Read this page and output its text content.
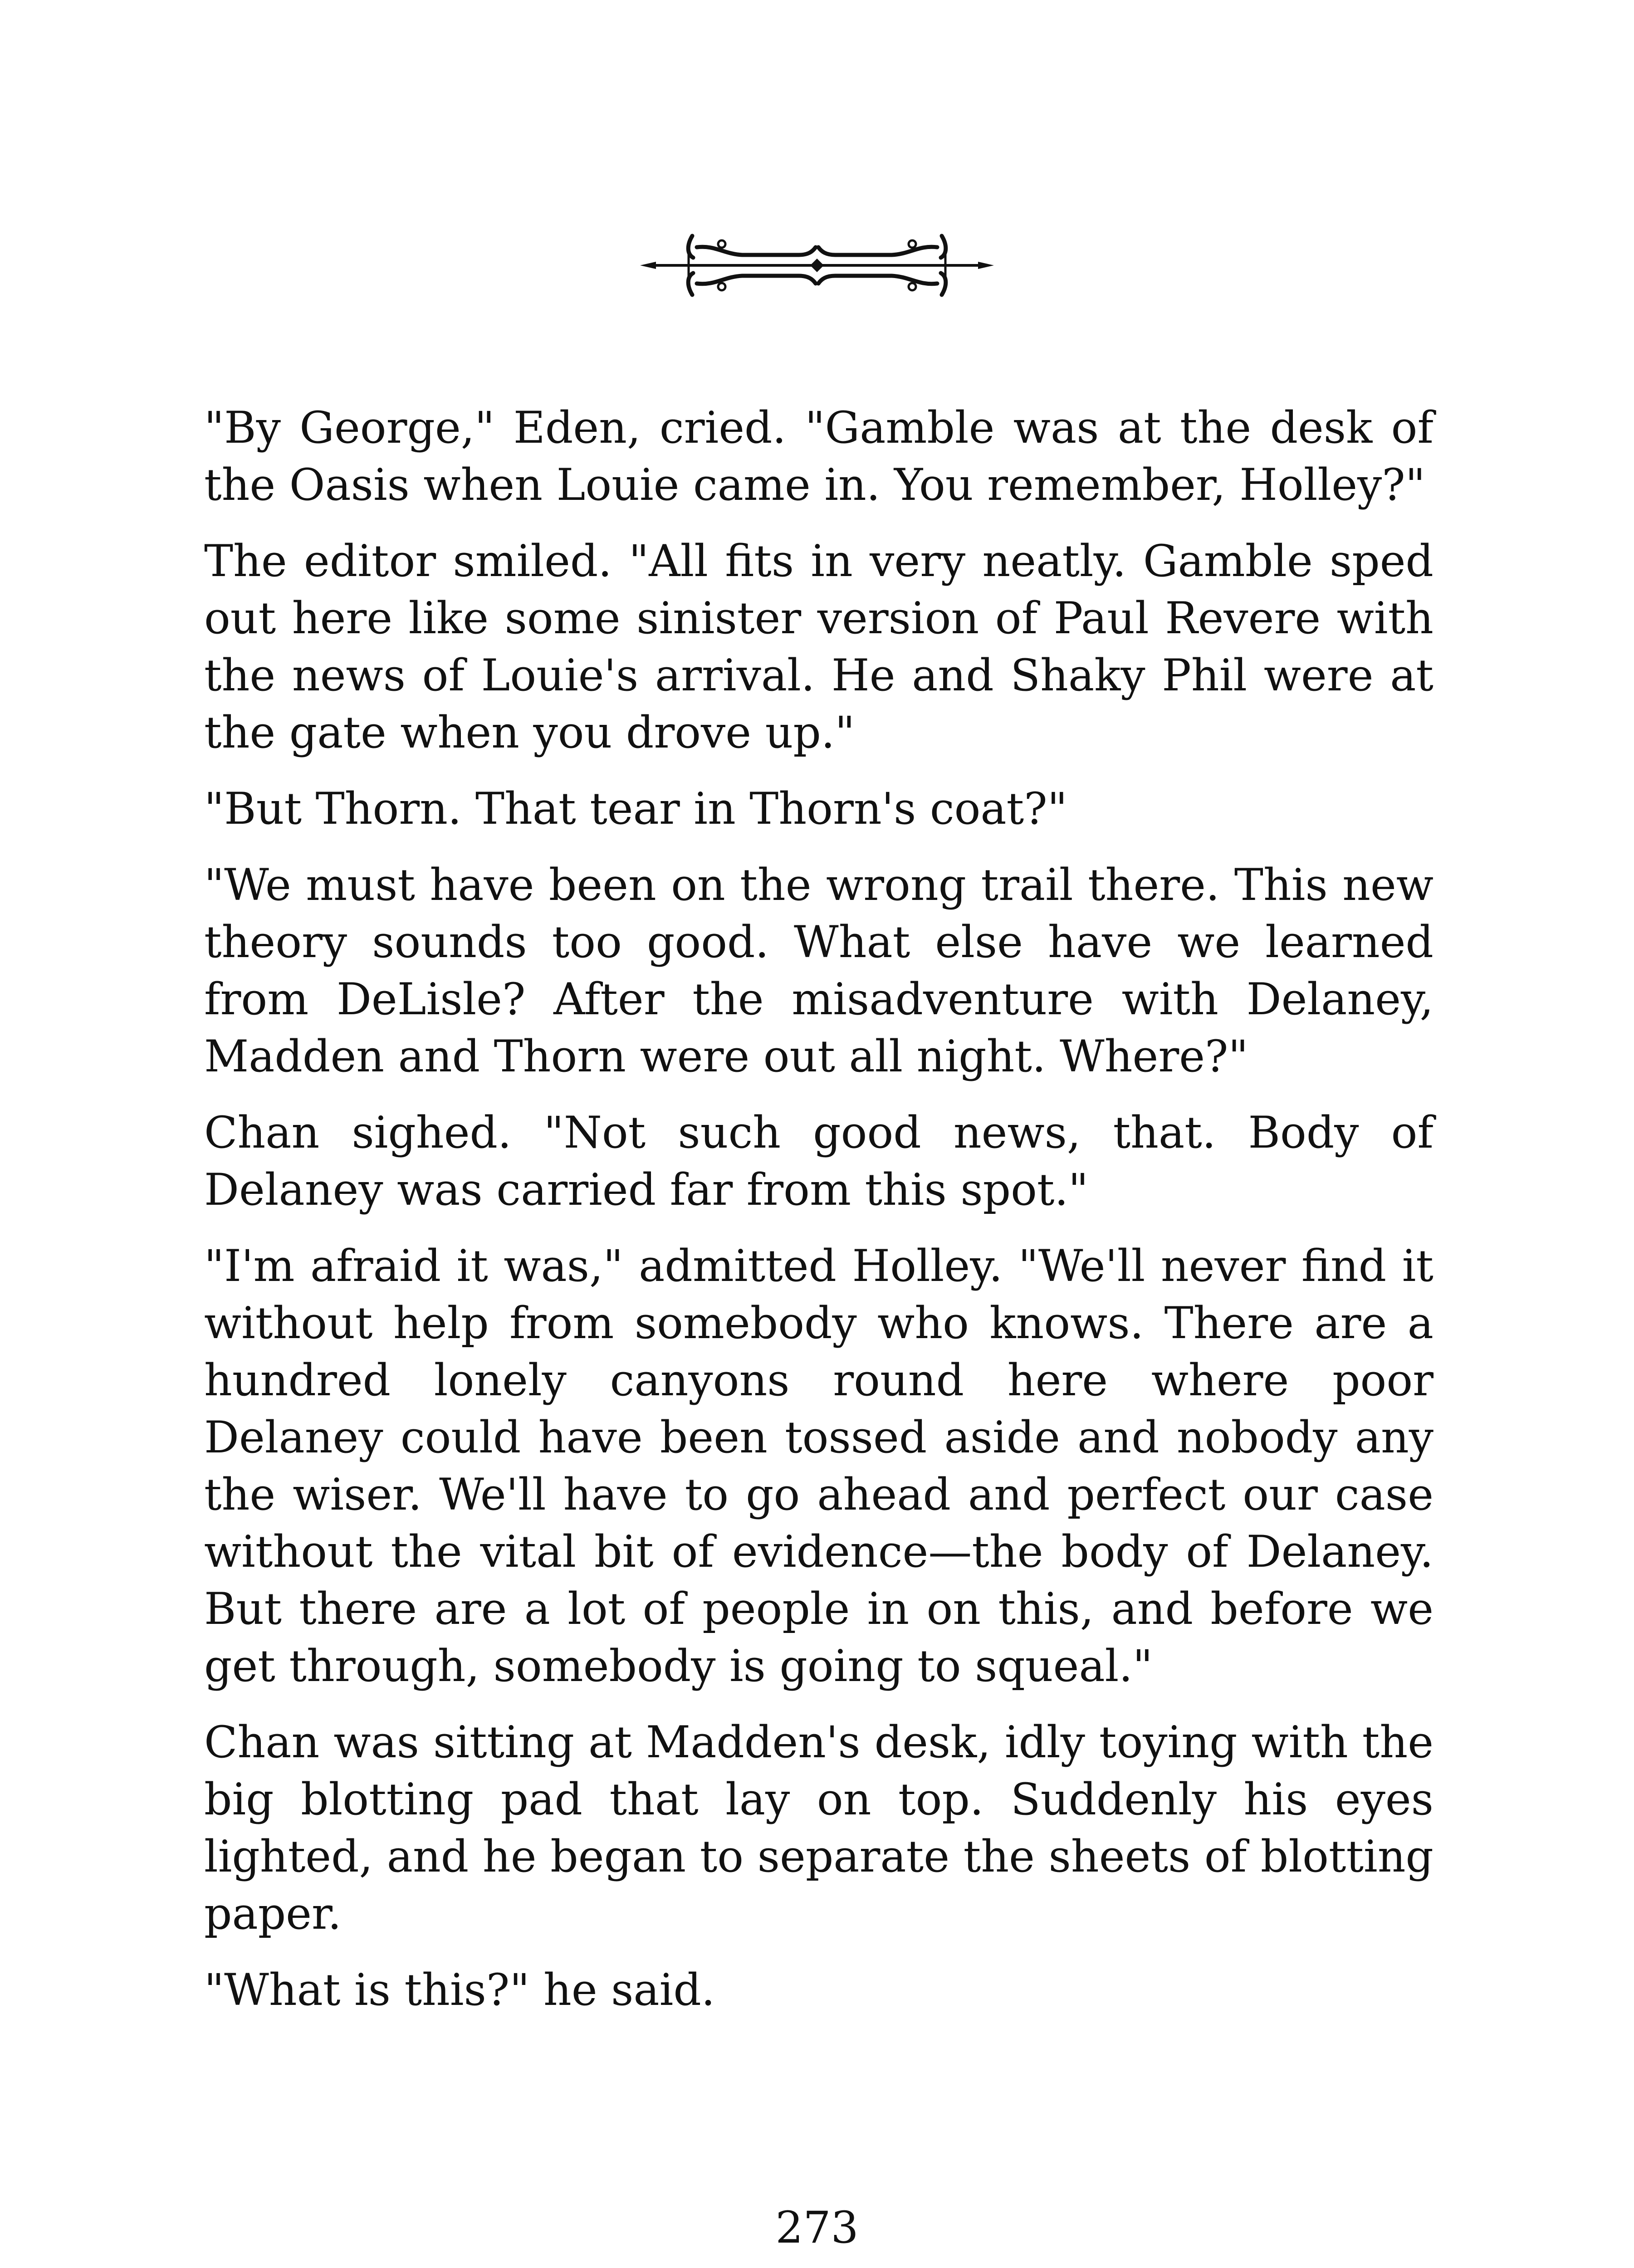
"By George," Eden, cried. "Gamble was at the desk of the Oasis when Louie came in. You remember, Holley?"

The editor smiled. "All fits in very neatly. Gamble sped out here like some sinister version of Paul Revere with the news of Louie's arrival. He and Shaky Phil were at the gate when you drove up."

"But Thorn. That tear in Thorn's coat?"

"We must have been on the wrong trail there. This new theory sounds too good. What else have we learned from DeLisle? After the misadventure with Delaney, Madden and Thorn were out all night. Where?"

Chan sighed. "Not such good news, that. Body of Delaney was carried far from this spot."

"I'm afraid it was," admitted Holley. "We'll never find it without help from somebody who knows. There are a hundred lonely canyons round here where poor Delaney could have been tossed aside and nobody any the wiser. We'll have to go ahead and perfect our case without the vital bit of evidence—the body of Delaney. But there are a lot of people in on this, and before we get through, somebody is going to squeal."

Chan was sitting at Madden's desk, idly toying with the big blotting pad that lay on top. Suddenly his eyes lighted, and he began to separate the sheets of blotting paper.

"What is this?" he said.

273
